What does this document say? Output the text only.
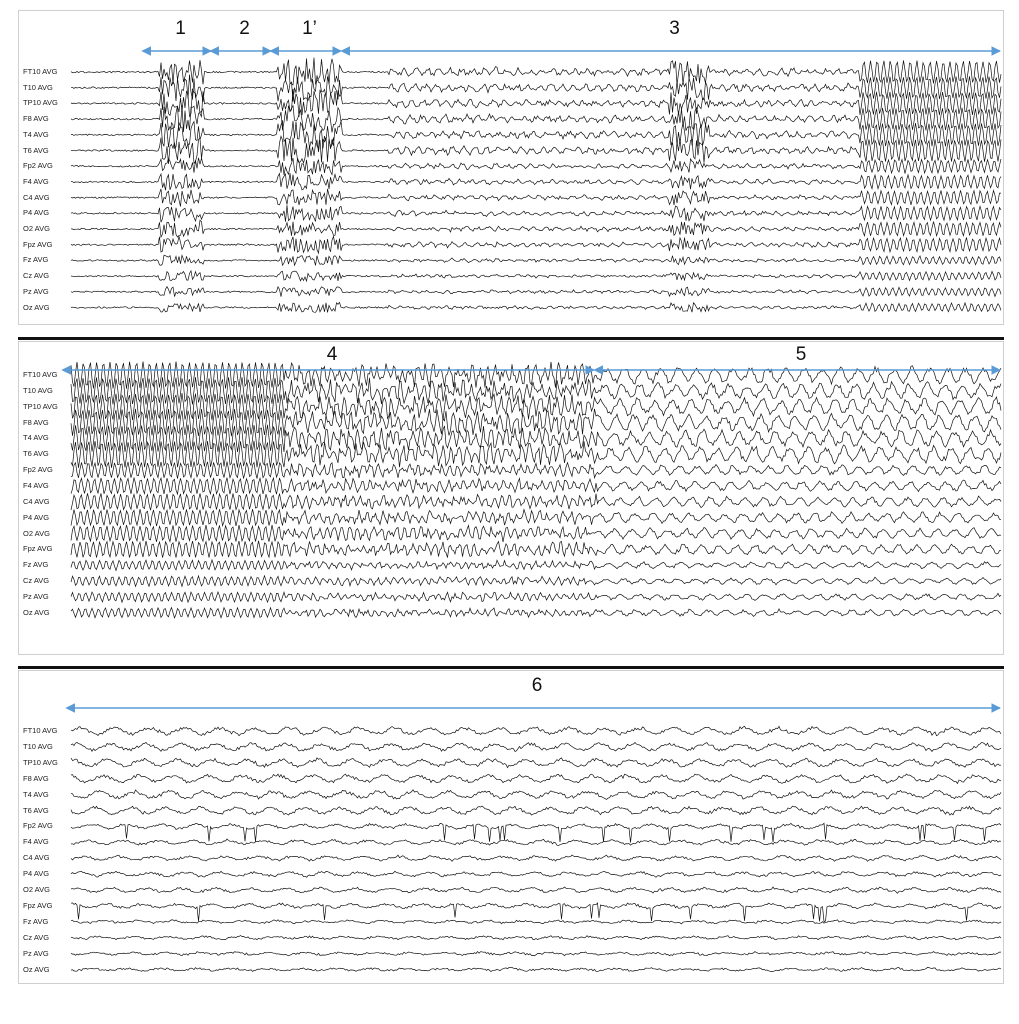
FT10 AVG
T10 AVG
TP10 AVG
F8 AVG
T4 AVG
T6 AVG
Fp2 AVG
F4 AVG
C4 AVG
P4 AVG
O2 AVG
Fpz AVG
Fz AVG
Cz AVG
Pz AVG
Oz AVG
1	2	1’	3
FT10 AVG
T10 AVG
TP10 AVG
F8 AVG
T4 AVG
T6 AVG
Fp2 AVG
F4 AVG
C4 AVG
P4 AVG
O2 AVG
Fpz AVG
Fz AVG
Cz AVG
Pz AVG
Oz AVG
4	5
FT10 AVG
T10 AVG
TP10 AVG
F8 AVG
T4 AVG
T6 AVG
Fp2 AVG
F4 AVG
C4 AVG
P4 AVG
O2 AVG
Fpz AVG
Fz AVG
Cz AVG
Pz AVG
Oz AVG
6
